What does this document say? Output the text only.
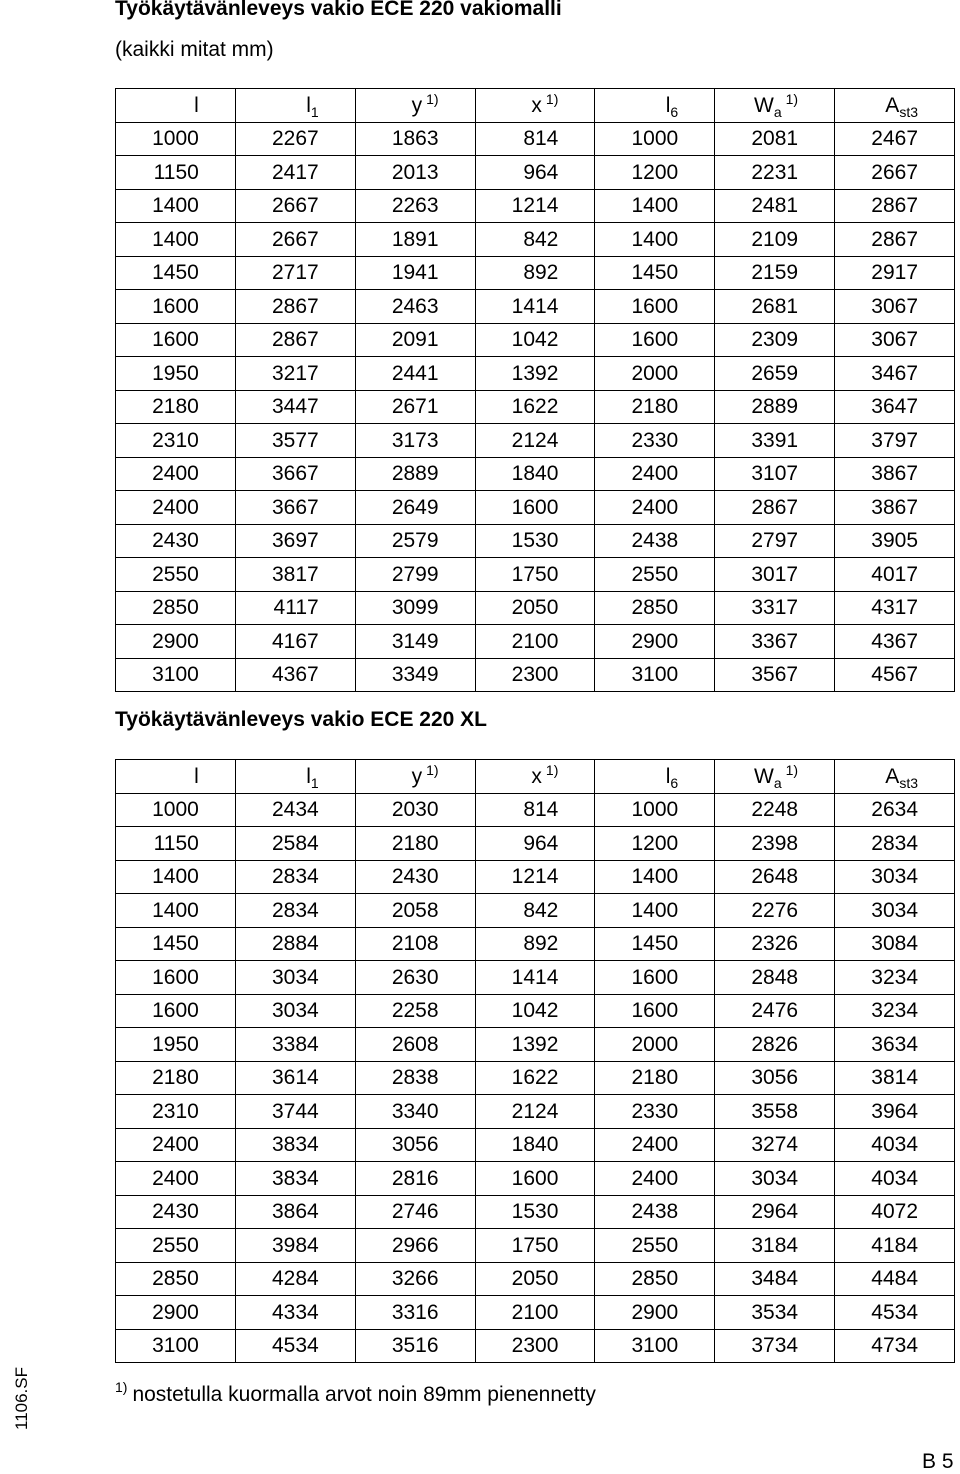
Työkäytävänleveys vakio ECE 220 vakiomalli
(kaikki mitat mm)
l	$l_1$	y $^{1)}$	x $^{1)}$	$l_6$	$W_a^{1)}$	$A_{st3}$
1000	2267	1863	814	1000	2081	2467
1150	2417	2013	964	1200	2231	2667
1400	2667	2263	1214	1400	2481	2867
1400	2667	1891	842	1400	2109	2867
1450	2717	1941	892	1450	2159	2917
1600	2867	2463	1414	1600	2681	3067
1600	2867	2091	1042	1600	2309	3067
1950	3217	2441	1392	2000	2659	3467
2180	3447	2671	1622	2180	2889	3647
2310	3577	3173	2124	2330	3391	3797
2400	3667	2889	1840	2400	3107	3867
2400	3667	2649	1600	2400	2867	3867
2430	3697	2579	1530	2438	2797	3905
2550	3817	2799	1750	2550	3017	4017
2850	4117	3099	2050	2850	3317	4317
2900	4167	3149	2100	2900	3367	4367
3100	4367	3349	2300	3100	3567	4567
Työkäytävänleveys vakio ECE 220 XL
l	$l_1$	y $^{1)}$	x $^{1)}$	$l_6$	$W_a^{1)}$	$A_{st3}$
1000	2434	2030	814	1000	2248	2634
1150	2584	2180	964	1200	2398	2834
1400	2834	2430	1214	1400	2648	3034
1400	2834	2058	842	1400	2276	3034
1450	2884	2108	892	1450	2326	3084
1600	3034	2630	1414	1600	2848	3234
1600	3034	2258	1042	1600	2476	3234
1950	3384	2608	1392	2000	2826	3634
2180	3614	2838	1622	2180	3056	3814
2310	3744	3340	2124	2330	3558	3964
2400	3834	3056	1840	2400	3274	4034
2400	3834	2816	1600	2400	3034	4034
2430	3864	2746	1530	2438	2964	4072
2550	3984	2966	1750	2550	3184	4184
2850	4284	3266	2050	2850	3484	4484
2900	4334	3316	2100	2900	3534	4534
3100	4534	3516	2300	3100	3734	4734
$^{1)}$ nostetulla kuormalla arvot noin 89mm pienennetty
1106.SF
B 5
